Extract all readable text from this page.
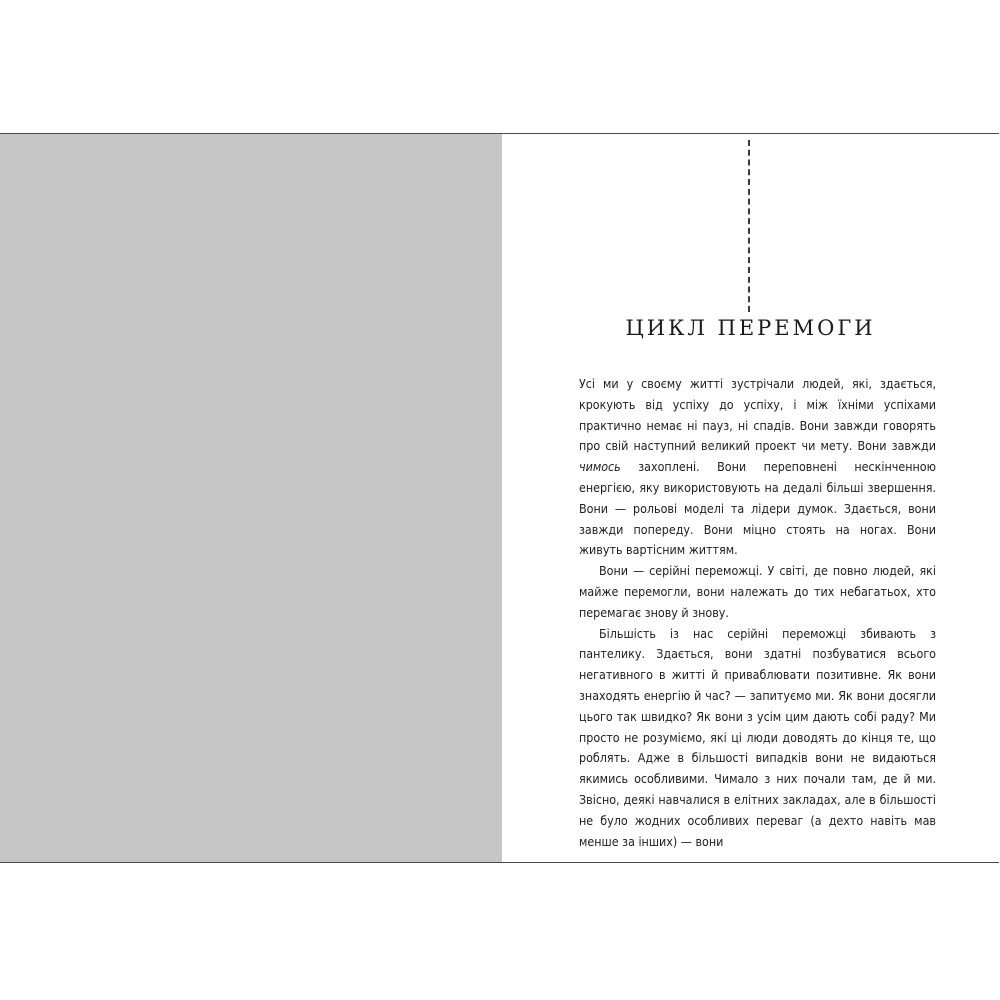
ЦИКЛ ПЕРЕМОГИ

Усі ми у своєму житті зустрічали людей, які, здається, крокують від успіху до успіху, і між їхніми успіхами практично немає ні пауз, ні спадів. Вони завжди говорять про свій наступний великий проект чи мету. Вони завжди чимось захоплені. Вони переповнені нескінченною енергією, яку використовують на дедалі більші звершення. Вони — рольові моделі та лідери думок. Здається, вони завжди попереду. Вони міцно стоять на ногах. Вони живуть вартісним життям.

Вони — серійні переможці. У світі, де повно людей, які майже перемогли, вони належать до тих небагатьох, хто перемагає знову й знову.

Більшість із нас серійні переможці збивають з пантелику. Здається, вони здатні позбуватися всього негативного в житті й приваблювати позитивне. Як вони знаходять енергію й час? — запитуємо ми. Як вони досягли цього так швидко? Як вони з усім цим дають собі раду? Ми просто не розуміємо, які ці люди доводять до кінця те, що роблять. Адже в більшості випадків вони не видаються якимись особливими. Чимало з них почали там, де й ми. Звісно, деякі навчалися в елітних закладах, але в більшості не було жодних особливих переваг (а дехто навіть мав менше за інших) — вони
